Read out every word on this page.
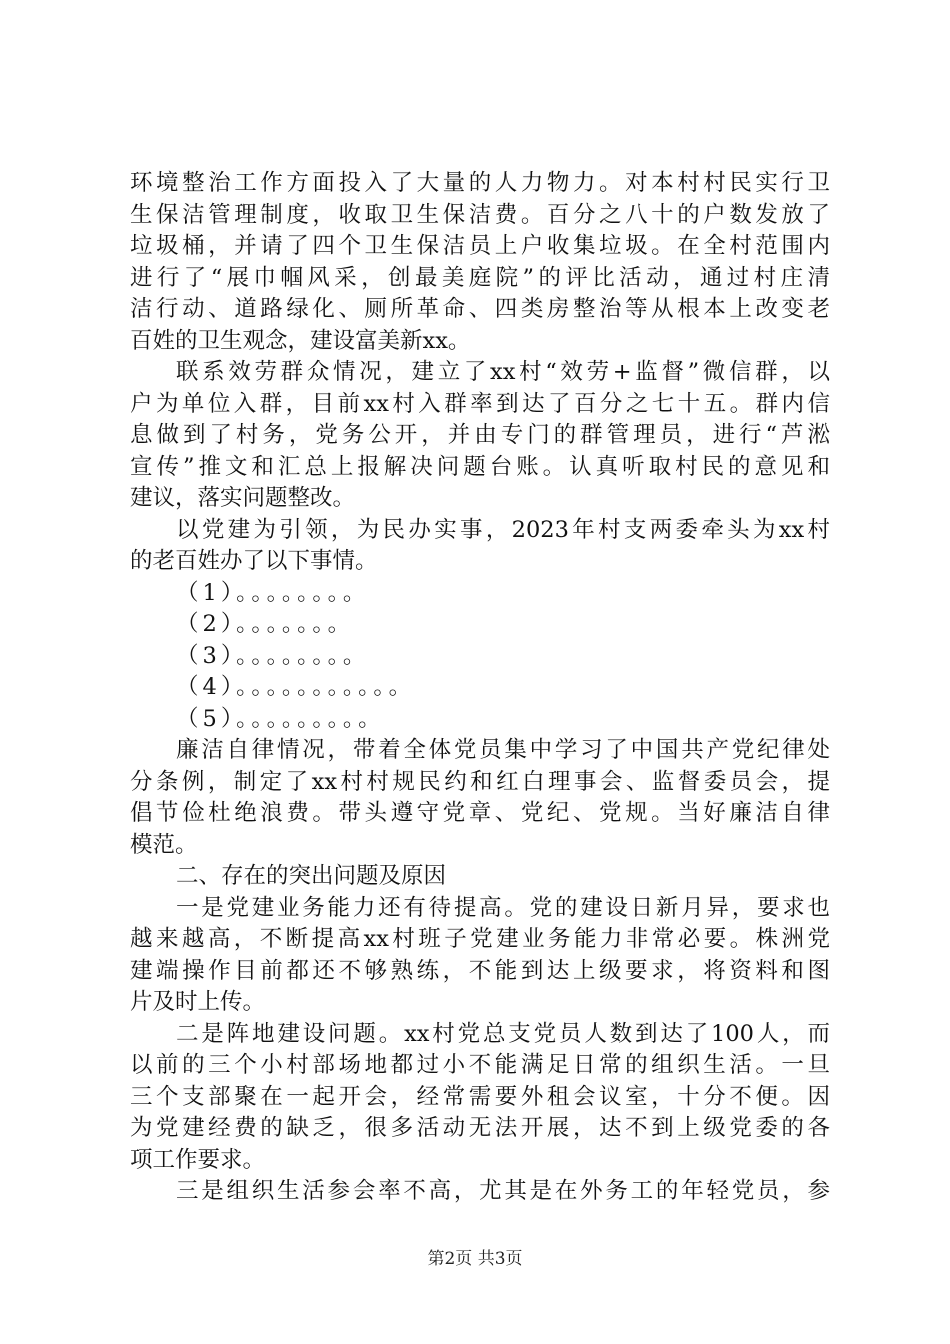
环境整治工作方面投入了大量的人力物力。对本村村民实行卫
生保洁管理制度，收取卫生保洁费。百分之八十的户数发放了
垃圾桶，并请了四个卫生保洁员上户收集垃圾。在全村范围内
进行了“展巾帼风采，创最美庭院”的评比活动，通过村庄清
洁行动、道路绿化、厕所革命、四类房整治等从根本上改变老
百姓的卫生观念，建设富美新xx。
联系效劳群众情况，建立了xx村“效劳+监督”微信群，以
户为单位入群，目前xx村入群率到达了百分之七十五。群内信
息做到了村务，党务公开，并由专门的群管理员，进行“芦淞
宣传”推文和汇总上报解决问题台账。认真听取村民的意见和
建议，落实问题整改。
以党建为引领，为民办实事，2023年村支两委牵头为xx村
的老百姓办了以下事情。
（1）。。。。。。。。
（2）。。。。。。。
（3）。。。。。。。。
（4）。。。。。。。。。。。
（5）。。。。。。。。。
廉洁自律情况，带着全体党员集中学习了中国共产党纪律处
分条例，制定了xx村村规民约和红白理事会、监督委员会，提
倡节俭杜绝浪费。带头遵守党章、党纪、党规。当好廉洁自律
模范。
二、存在的突出问题及原因
一是党建业务能力还有待提高。党的建设日新月异，要求也
越来越高，不断提高xx村班子党建业务能力非常必要。株洲党
建端操作目前都还不够熟练，不能到达上级要求，将资料和图
片及时上传。
二是阵地建设问题。xx村党总支党员人数到达了100人，而
以前的三个小村部场地都过小不能满足日常的组织生活。一旦
三个支部聚在一起开会，经常需要外租会议室，十分不便。因
为党建经费的缺乏，很多活动无法开展，达不到上级党委的各
项工作要求。
三是组织生活参会率不高，尤其是在外务工的年轻党员，参
第2页 共3页
